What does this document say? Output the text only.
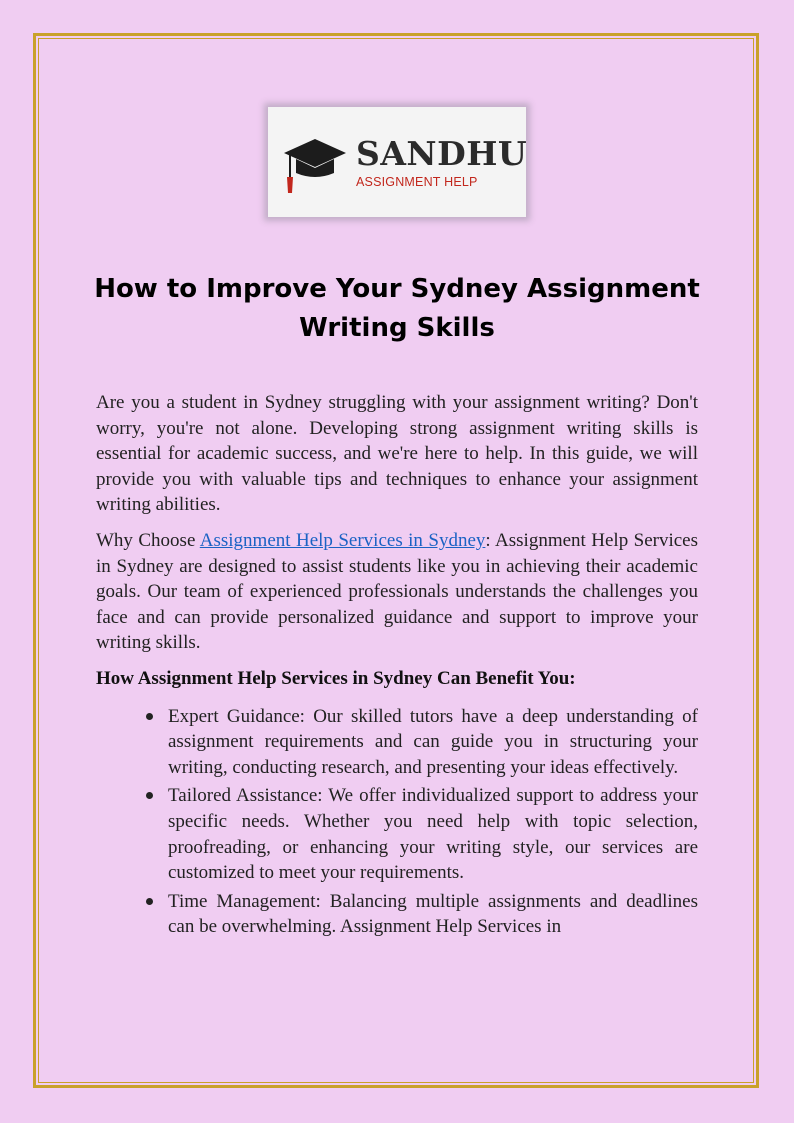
SANDHU
ASSIGNMENT HELP
How to Improve Your Sydney Assignment Writing Skills

Are you a student in Sydney struggling with your assignment writing? Don't worry, you're not alone. Developing strong assignment writing skills is essential for academic success, and we're here to help. In this guide, we will provide you with valuable tips and techniques to enhance your assignment writing abilities.

Why Choose Assignment Help Services in Sydney: Assignment Help Services in Sydney are designed to assist students like you in achieving their academic goals. Our team of experienced professionals understands the challenges you face and can provide personalized guidance and support to improve your writing skills.

How Assignment Help Services in Sydney Can Benefit You:

Expert Guidance: Our skilled tutors have a deep understanding of assignment requirements and can guide you in structuring your writing, conducting research, and presenting your ideas effectively.
Tailored Assistance: We offer individualized support to address your specific needs. Whether you need help with topic selection, proofreading, or enhancing your writing style, our services are customized to meet your requirements.
Time Management: Balancing multiple assignments and deadlines can be overwhelming. Assignment Help Services in
